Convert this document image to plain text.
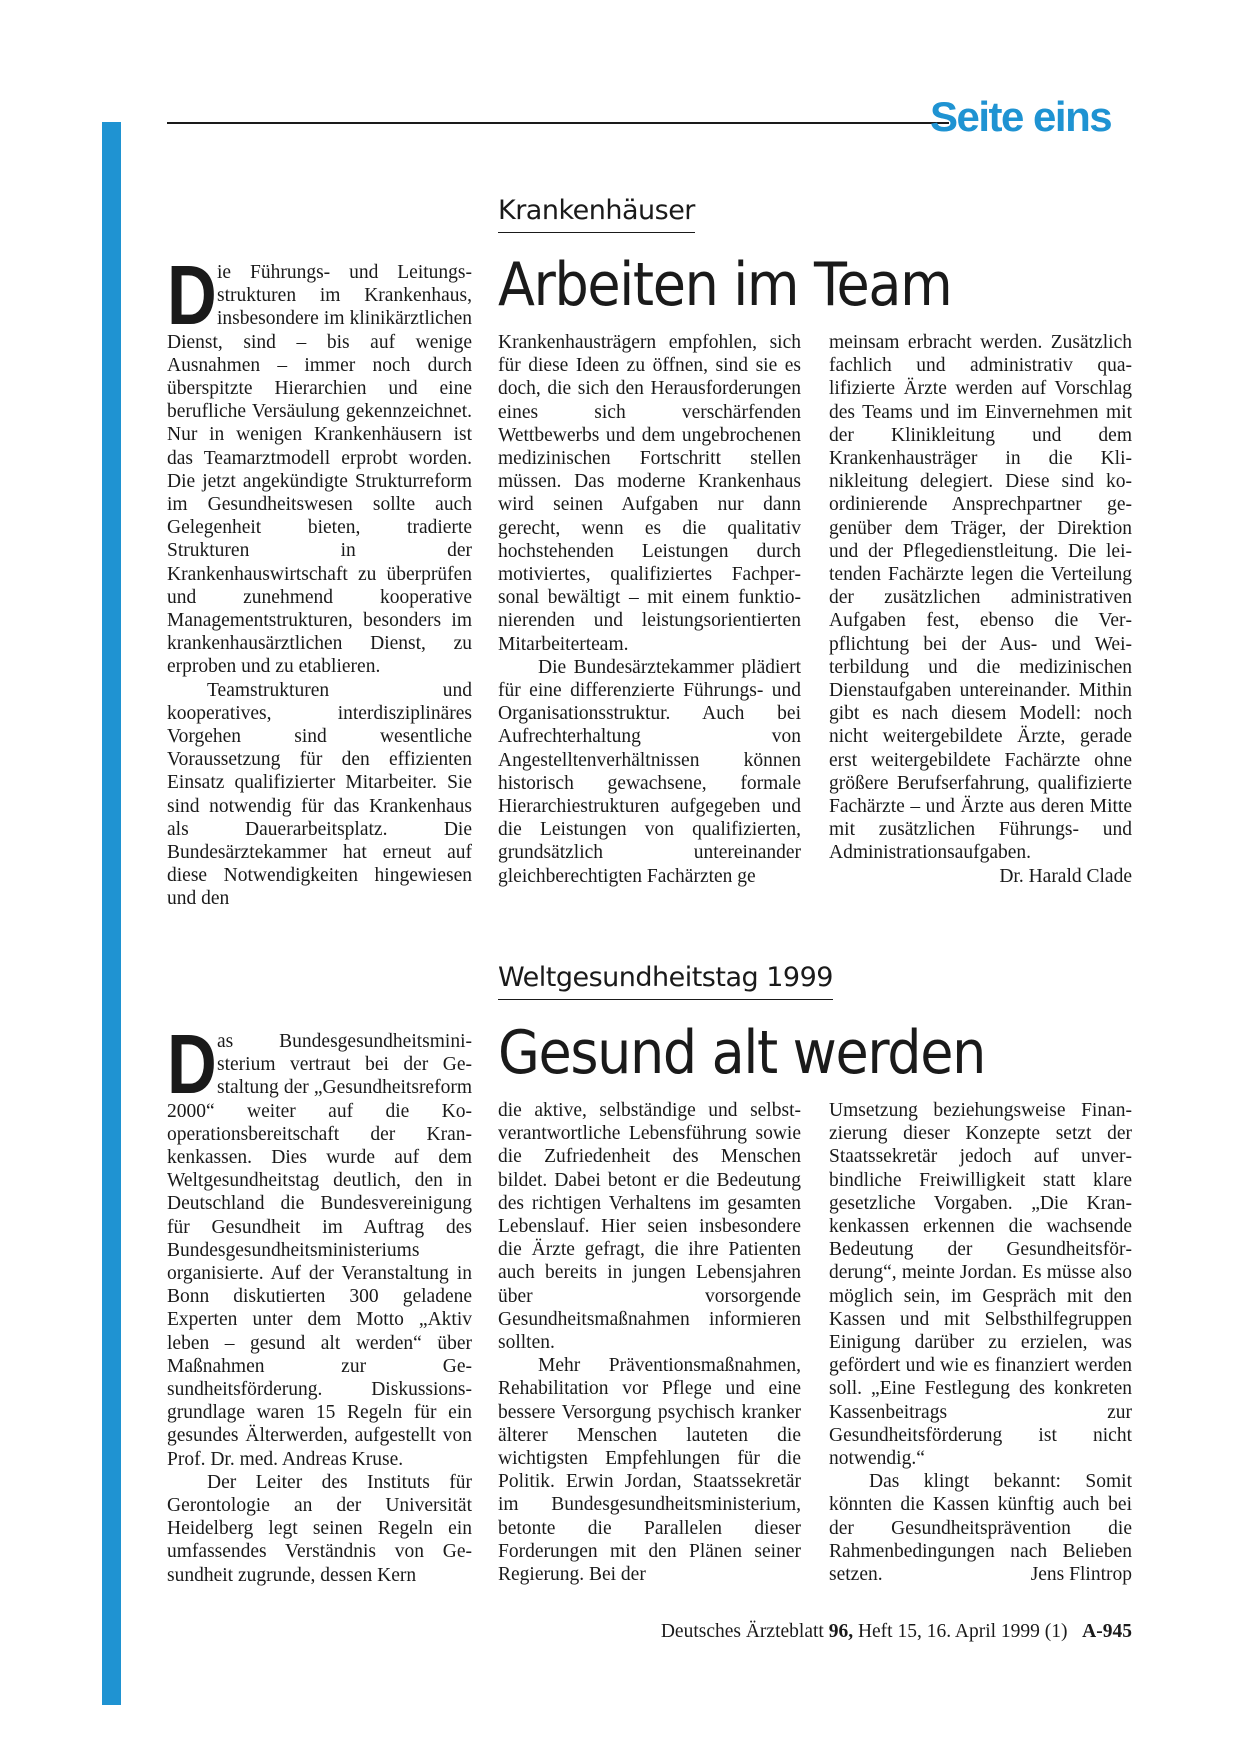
Seite eins
Krankenhäuser
Arbeiten im Team
D ie Führungs- und Leitungsstrukturen im Krankenhaus, insbesondere im klinikärztlichen Dienst, sind – bis auf wenige Ausnahmen – immer noch durch überspitzte Hierarchien und eine berufliche Versäulung gekennzeichnet. Nur in wenigen Krankenhäusern ist das Teamarztmodell erprobt worden. Die jetzt angekündigte Strukturreform im Gesundheitswesen sollte auch Gelegenheit bieten, tradierte Strukturen in der Krankenhauswirtschaft zu überprüfen und zunehmend kooperative Managementstrukturen, besonders im krankenhausärztlichen Dienst, zu erproben und zu etablieren.

Teamstrukturen und kooperatives, interdisziplinäres Vorgehen sind wesentliche Voraussetzung für den effizienten Einsatz qualifizierter Mitarbeiter. Sie sind notwendig für das Krankenhaus als Dauerarbeitsplatz. Die Bundesärztekammer hat erneut auf diese Notwendigkeiten hingewiesen und den

Krankenhausträgern empfohlen, sich für diese Ideen zu öffnen, sind sie es doch, die sich den Herausforderungen eines sich verschärfenden Wettbewerbs und dem ungebrochenen medizinischen Fortschritt stellen müssen. Das moderne Krankenhaus wird seinen Aufgaben nur dann gerecht, wenn es die qualitativ hochstehenden Leistungen durch motiviertes, qualifiziertes Fachpersonal bewältigt – mit einem funktionierenden und leistungsorientierten Mitarbeiterteam.

Die Bundesärztekammer plädiert für eine differenzierte Führungs- und Organisationsstruktur. Auch bei Aufrechterhaltung von Angestelltenverhältnissen können historisch gewachsene, formale Hierarchiestrukturen aufgegeben und die Leistungen von qualifizierten, grundsätzlich untereinander gleichberechtigten Fachärzten ge

meinsam erbracht werden. Zusätzlich fachlich und administrativ qualifizierte Ärzte werden auf Vorschlag des Teams und im Einvernehmen mit der Klinikleitung und dem Krankenhausträger in die Klinikleitung delegiert. Diese sind koordinierende Ansprechpartner gegenüber dem Träger, der Direktion und der Pflegedienstleitung. Die leitenden Fachärzte legen die Verteilung der zusätzlichen administrativen Aufgaben fest, ebenso die Verpflichtung bei der Aus- und Weiterbildung und die medizinischen Dienstaufgaben untereinander. Mithin gibt es nach diesem Modell: noch nicht weitergebildete Ärzte, gerade erst weitergebildete Fachärzte ohne größere Berufserfahrung, qualifizierte Fachärzte – und Ärzte aus deren Mitte mit zusätzlichen Führungs- und Administrationsaufgaben.
Dr. Harald Clade

Weltgesundheitstag 1999
Gesund alt werden
D as Bundesgesundheitsministerium vertraut bei der Gestaltung der „Gesundheitsreform 2000“ weiter auf die Kooperationsbereitschaft der Krankenkassen. Dies wurde auf dem Weltgesundheitstag deutlich, den in Deutschland die Bundesvereinigung für Gesundheit im Auftrag des Bundesgesundheitsministeriums organisierte. Auf der Veranstaltung in Bonn diskutierten 300 geladene Experten unter dem Motto „Aktiv leben – gesund alt werden“ über Maßnahmen zur Gesundheitsförderung. Diskussionsgrundlage waren 15 Regeln für ein gesundes Älterwerden, aufgestellt von Prof. Dr. med. Andreas Kruse.

Der Leiter des Instituts für Gerontologie an der Universität Heidelberg legt seinen Regeln ein umfassendes Verständnis von Gesundheit zugrunde, dessen Kern

die aktive, selbständige und selbstverantwortliche Lebensführung sowie die Zufriedenheit des Menschen bildet. Dabei betont er die Bedeutung des richtigen Verhaltens im gesamten Lebenslauf. Hier seien insbesondere die Ärzte gefragt, die ihre Patienten auch bereits in jungen Lebensjahren über vorsorgende Gesundheitsmaßnahmen informieren sollten.

Mehr Präventionsmaßnahmen, Rehabilitation vor Pflege und eine bessere Versorgung psychisch kranker älterer Menschen lauteten die wichtigsten Empfehlungen für die Politik. Erwin Jordan, Staatssekretär im Bundesgesundheitsministerium, betonte die Parallelen dieser Forderungen mit den Plänen seiner Regierung. Bei der

Umsetzung beziehungsweise Finanzierung dieser Konzepte setzt der Staatssekretär jedoch auf unverbindliche Freiwilligkeit statt klare gesetzliche Vorgaben. „Die Krankenkassen erkennen die wachsende Bedeutung der Gesundheitsförderung“, meinte Jordan. Es müsse also möglich sein, im Gespräch mit den Kassen und mit Selbsthilfegruppen Einigung darüber zu erzielen, was gefördert und wie es finanziert werden soll. „Eine Festlegung des konkreten Kassenbeitrags zur Gesundheitsförderung ist nicht notwendig.“

Das klingt bekannt: Somit könnten die Kassen künftig auch bei der Gesundheitsprävention die Rahmenbedingungen nach Belieben setzen.	Jens Flintrop

Deutsches Ärzteblatt 96, Heft 15, 16. April 1999 (1) A-945
